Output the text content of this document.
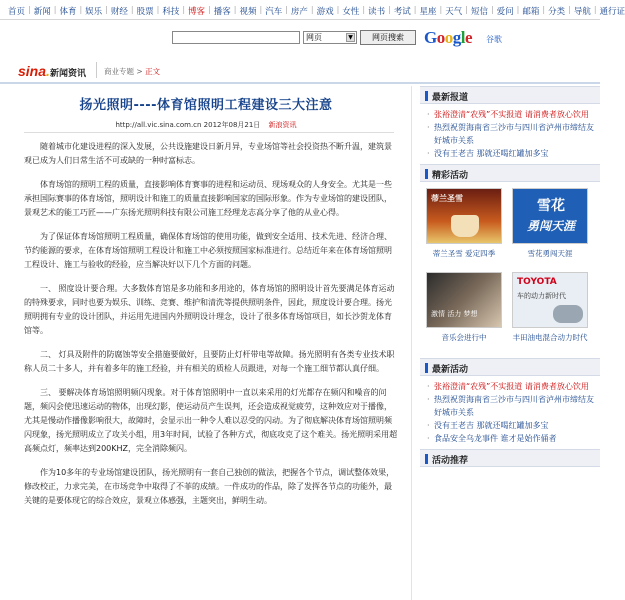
首页 | 新闻 | 体育 | 娱乐 | 财经 | 股票 | 科技 | 博客 | 播客 | 视频 | 汽车 | 房产 | 游戏 | 女性 | 读书 | 考试 | 星座 | 天气 | 短信 | 爱问 | 邮箱 | 分类 | 导航 | 通行证
网页	▼	网页搜索	Google 谷歌
sina. 新闻资讯 商业专题 > 正文
扬光照明----体育馆照明工程建设三大注意
http://all.vic.sina.com.cn 2012年08月21日 新浪资讯

随着城市化建设进程的深入发展，公共设施建设日新月异，专业场馆等社会投资热不断升温，建筑景观已成为人们日常生活不可或缺的一种时富标志。

体育场馆的照明工程的质量，直接影响体育赛事的进程和运动员、现场观众的人身安全。尤其是一些承担国际赛事的体育场馆，照明设计和施工的质量直接影响国家的国际形象。作为专业场馆的建设团队，景观艺术的能工巧匠——广东扬光照明科技有限公司施工经理龙志高分享了他的从业心得。

为了保证体育场馆照明工程质量，确保体育场馆的使用功能，做到安全适用、技术先进、经济合理、节约能源的要求，在体育场馆照明工程设计和施工中必须按照国家标准进行。总结近年来在体育场馆照明工程设计、施工与验收的经验，应当解决好以下几个方面的问题。

一、 照度设计要合理。大多数体育馆是多功能和多用途的，体育场馆的照明设计首先要满足体育运动的特殊要求，同时也要为娱乐、训练、竞赛、维护和清洗等提供照明条件，因此，照度设计要合理。扬光照明拥有专业的设计团队，并运用先进国内外照明设计理念，设计了很多体育场馆项目，如长沙贺龙体育馆等。

二、 灯具及附件的防腐蚀等安全措施要做好，且要防止灯杆带电等故障。扬光照明有各类专业技术职称人员二十多人，并有着多年的施工经验，并有相关的质检人员跟进，对每一个施工细节都认真仔细。

三、 要解决体育场馆照明频闪现象。对于体育馆照明中一直以来采用的灯光都存在频闪和噪音的问题，频闪会使迅速运动的物体，出现幻影，使运动员产生误判，还会造成视觉疲劳，这种效应对于播像，尤其是慢动作播像影响很大，故障时，会显示出一种令人难以忍受的闪动。为了彻底解决体育场馆照明频闪现象，扬光照明成立了攻关小组，用3年时间，试验了各种方式，彻底攻克了这个难关。扬光照明采用超高频点灯，频率达到200KHZ，完全消除频闪。

作为10多年的专业场馆建设团队，扬光照明有一套自己独创的做法，把握各个节点，调试整体效果，修改校正，力求完美，在市场竞争中取得了不菲的成绩。一件成功的作品，除了发挥各节点的功能外，最关键的是要体现它的综合效应，景观立体感强，主题突出，鲜明生动。

最新报道
· 张裕澄清“农残”不实报道 请消费者放心饮用
· 热烈祝贺海南省三沙市与四川省泸州市缔结友好城市关系
· 没有王老吉 那就还喝红罐加多宝
精彩活动
蒂兰圣雪
蒂兰圣雪 爱定四季
雪花
勇闯天涯
雪花勇闯天涯
激情 活力 梦想
音乐会进行中
TOYOTA
车的动力新时代
丰田油电混合动力时代
最新活动
· 张裕澄清“农残”不实报道 请消费者放心饮用
· 热烈祝贺海南省三沙市与四川省泸州市缔结友好城市关系
· 没有王老吉 那就还喝红罐加多宝
· 食品安全乌龙事件 谁才是始作俑者
活动推荐
